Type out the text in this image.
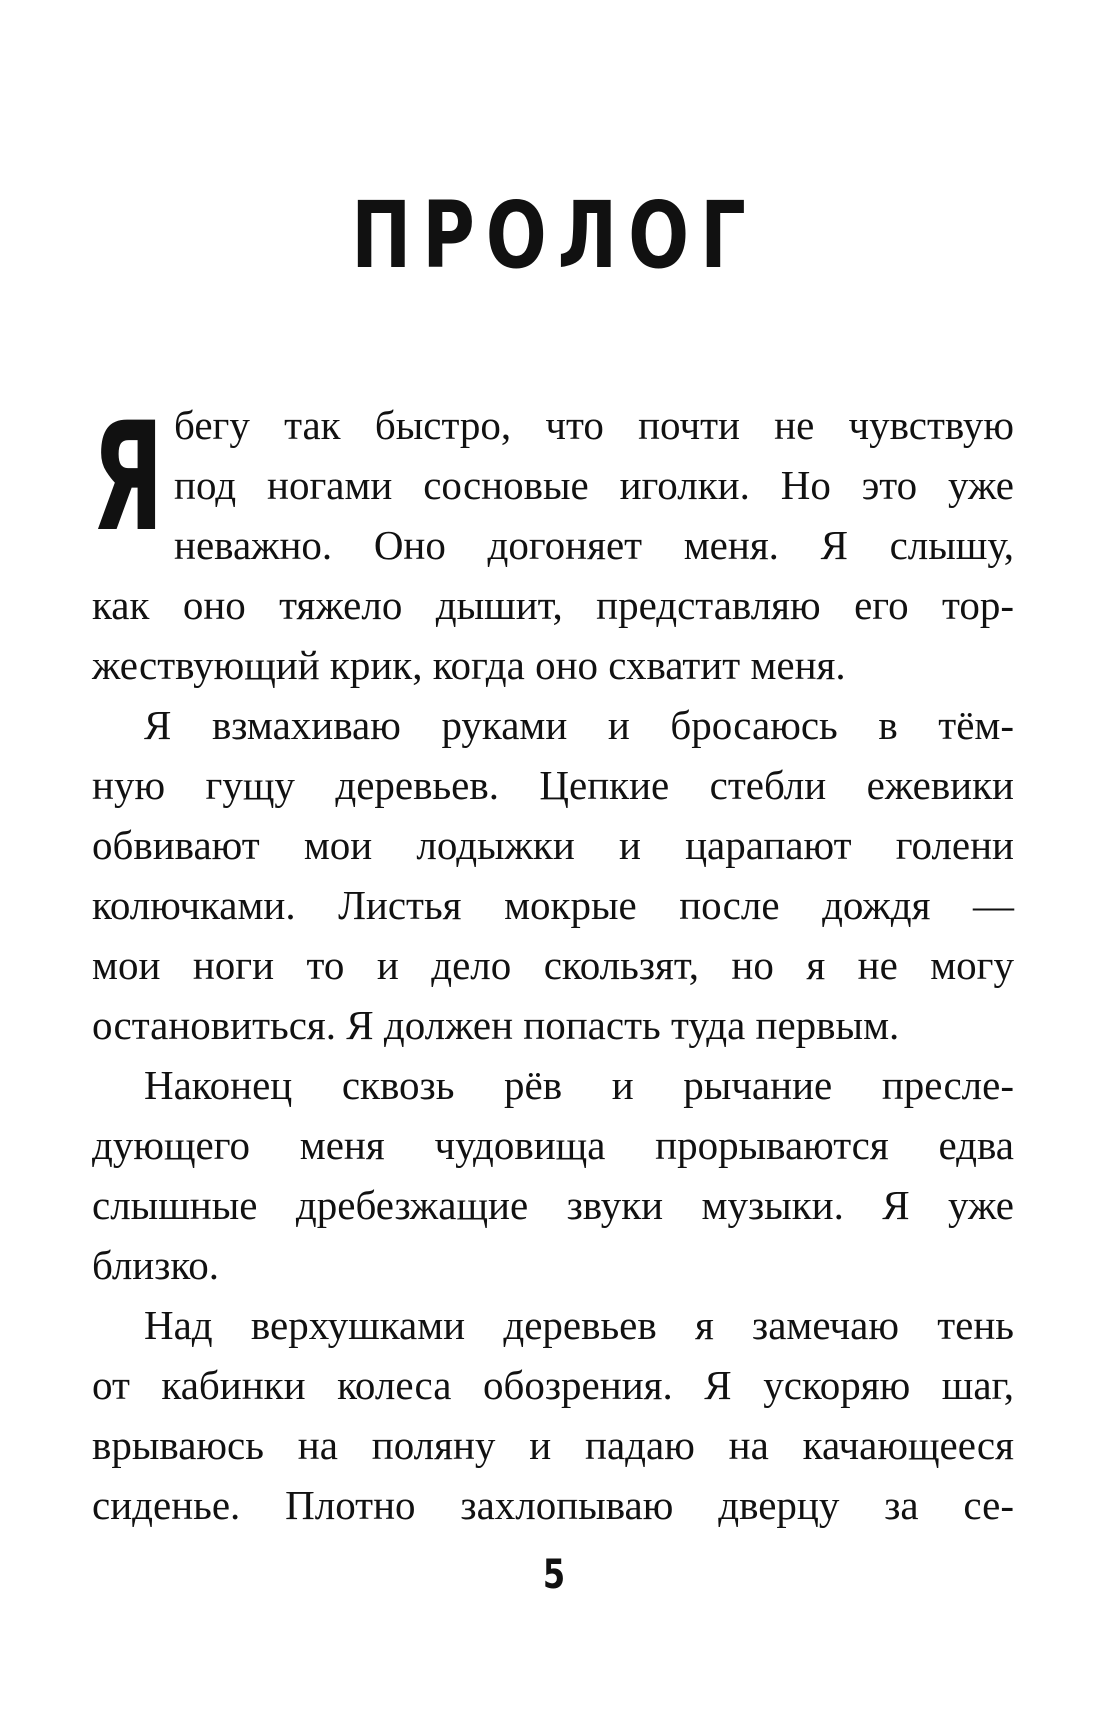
ПРОЛОГ
Я бегу так быстро, что почти не чувствую
под ногами сосновые иголки. Но это уже
неважно. Оно догоняет меня. Я слышу,
как оно тяжело дышит, представляю его тор-
жествующий крик, когда оно схватит меня.
Я взмахиваю руками и бросаюсь в тём-
ную гущу деревьев. Цепкие стебли ежевики
обвивают мои лодыжки и царапают голени
колючками. Листья мокрые после дождя —
мои ноги то и дело скользят, но я не могу
остановиться. Я должен попасть туда первым.
Наконец сквозь рёв и рычание пресле-
дующего меня чудовища прорываются едва
слышные дребезжащие звуки музыки. Я уже
близко.
Над верхушками деревьев я замечаю тень
от кабинки колеса обозрения. Я ускоряю шаг,
врываюсь на поляну и падаю на качающееся
сиденье. Плотно захлопываю дверцу за се-
5
